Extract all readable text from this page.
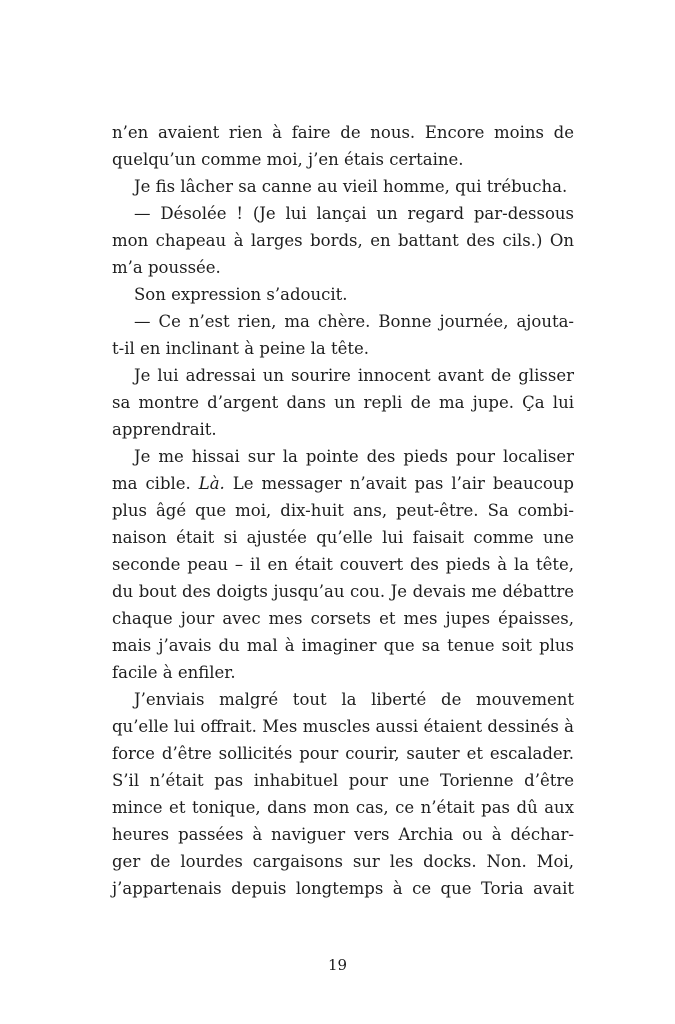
n’en avaient rien à faire de nous. Encore moins de
quelqu’un comme moi, j’en étais certaine.
Je fis lâcher sa canne au vieil homme, qui trébucha.
— Désolée ! (Je lui lançai un regard par-dessous
mon chapeau à larges bords, en battant des cils.) On
m’a poussée.
Son expression s’adoucit.
— Ce n’est rien, ma chère. Bonne journée, ajouta-
t-il en inclinant à peine la tête.
Je lui adressai un sourire innocent avant de glisser
sa montre d’argent dans un repli de ma jupe. Ça lui
apprendrait.
Je me hissai sur la pointe des pieds pour localiser
ma cible. Là. Le messager n’avait pas l’air beaucoup
plus âgé que moi, dix-huit ans, peut-être. Sa combi-
naison était si ajustée qu’elle lui faisait comme une
seconde peau – il en était couvert des pieds à la tête,
du bout des doigts jusqu’au cou. Je devais me débattre
chaque jour avec mes corsets et mes jupes épaisses,
mais j’avais du mal à imaginer que sa tenue soit plus
facile à enfiler.
J’enviais malgré tout la liberté de mouvement
qu’elle lui offrait. Mes muscles aussi étaient dessinés à
force d’être sollicités pour courir, sauter et escalader.
S’il n’était pas inhabituel pour une Torienne d’être
mince et tonique, dans mon cas, ce n’était pas dû aux
heures passées à naviguer vers Archia ou à déchar-
ger de lourdes cargaisons sur les docks. Non. Moi,
j’appartenais depuis longtemps à ce que Toria avait
19
